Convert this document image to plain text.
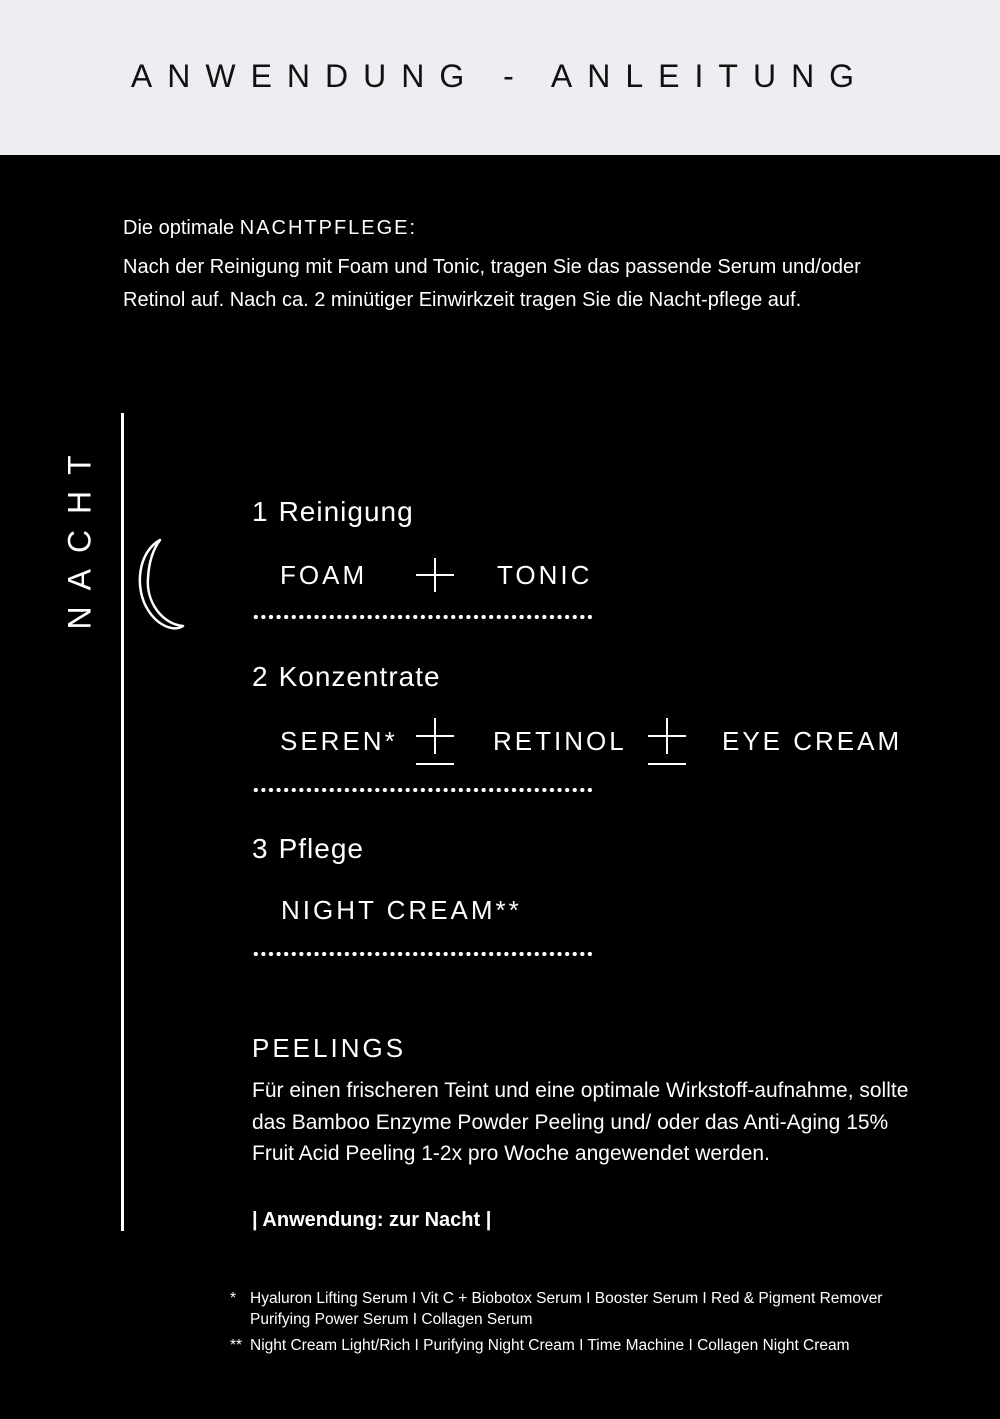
ANWENDUNG - ANLEITUNG

Die optimale NACHTPFLEGE:

Nach der Reinigung mit Foam und Tonic, tragen Sie das passende Serum und/oder Retinol auf. Nach ca. 2 minütiger Einwirkzeit tragen Sie die Nacht-pflege auf.

NACHT	1 Reinigung
FOAM	TONIC
2 Konzentrate
SEREN*	RETINOL	EYE CREAM
3 Pflege
NIGHT CREAM**
PEELINGS

Für einen frischeren Teint und eine optimale Wirkstoff-aufnahme, sollte das Bamboo Enzyme Powder Peeling und/ oder das Anti-Aging 15% Fruit Acid Peeling 1-2x pro Woche angewendet werden.

| Anwendung: zur Nacht |
* Hyaluron Lifting Serum I Vit C + Biobotox Serum I Booster Serum I Red & Pigment Remover
Purifying Power Serum I Collagen Serum
** Night Cream Light/Rich I Purifying Night Cream I Time Machine I Collagen Night Cream
